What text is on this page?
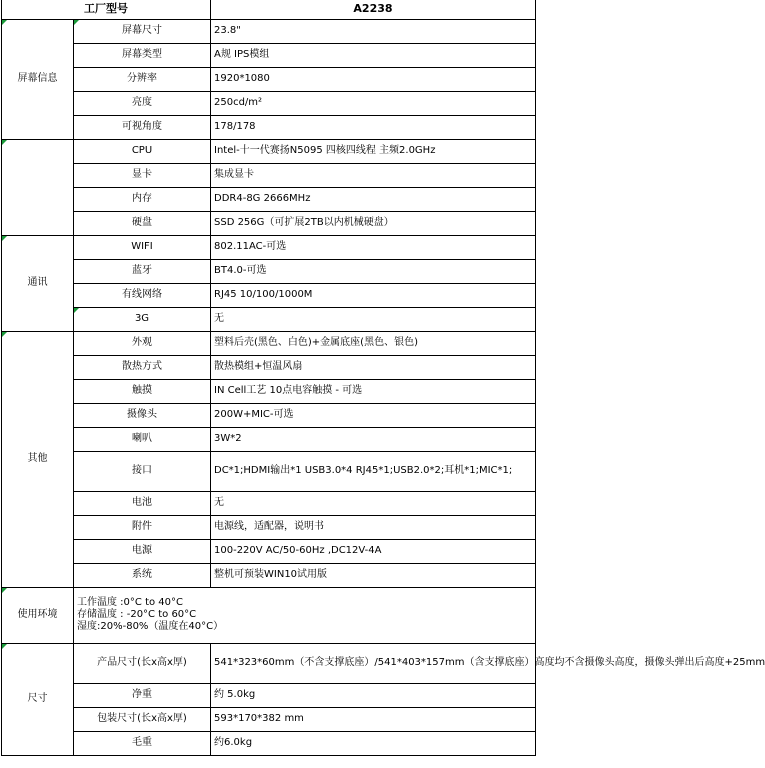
工厂型号		A2238
屏幕信息	屏幕尺寸	23.8"
	屏幕类型	A规 IPS模组
	分辨率	1920*1080
	亮度	250cd/m²
	可视角度	178/178
	CPU	Intel-十一代赛扬N5095 四核四线程 主频2.0GHz
	显卡	集成显卡
	内存	DDR4-8G 2666MHz
	硬盘	SSD 256G（可扩展2TB以内机械硬盘）
通讯	WIFI	802.11AC-可选
	蓝牙	BT4.0-可选
	有线网络	RJ45 10/100/1000M
	3G	无
其他	外观	塑料后壳(黑色、白色)+金属底座(黑色、银色)
	散热方式	散热模组+恒温风扇
	触摸	IN Cell工艺 10点电容触摸 - 可选
	摄像头	200W+MIC-可选
	喇叭	3W*2
	接口	DC*1;HDMI输出*1 USB3.0*4 RJ45*1;USB2.0*2;耳机*1;MIC*1;
	电池	无
	附件	电源线，适配器，说明书
	电源	100-220V AC/50-60Hz ,DC12V-4A
	系统	整机可预装WIN10试用版
使用环境	工作温度 :0°C to 40°C
存储温度 : -20°C to 60°C
湿度:20%-80%（温度在40°C）	

尺寸	产品尺寸(长x高x厚)	541*323*60mm（不含支撑底座）/541*403*157mm（含支撑底座）高度均不含摄像头高度，摄像头弹出后高度+25mm
	净重	约 5.0kg
	包装尺寸(长x高x厚)	593*170*382 mm
	毛重	约6.0kg
